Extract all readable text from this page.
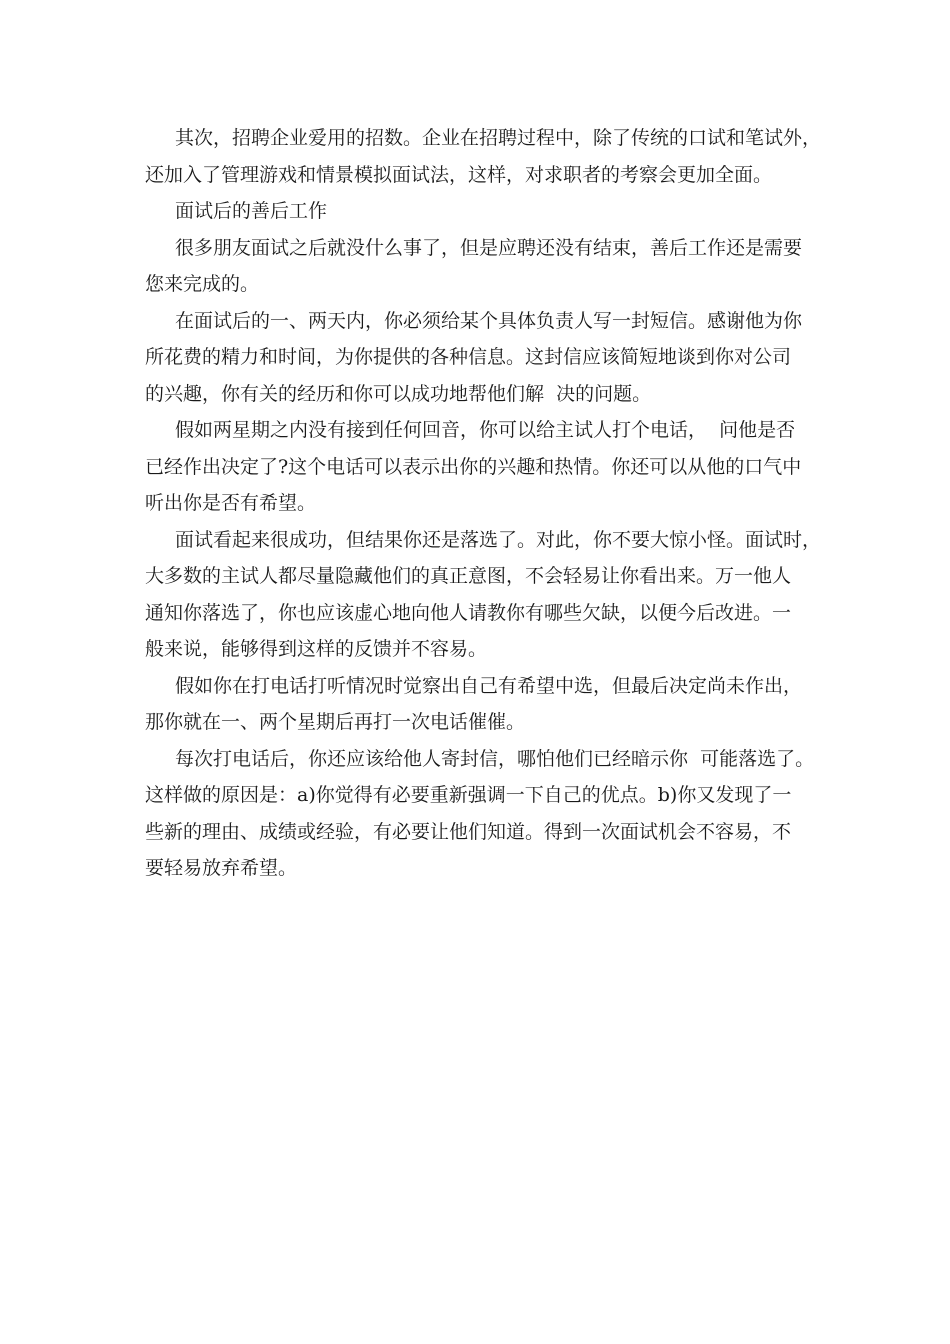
其次，招聘企业爱用的招数。企业在招聘过程中，除了传统的口试和笔试外，
还加入了管理游戏和情景模拟面试法，这样，对求职者的考察会更加全面。
面试后的善后工作
很多朋友面试之后就没什么事了，但是应聘还没有结束，善后工作还是需要
您来完成的。
在面试后的一、两天内，你必须给某个具体负责人写一封短信。感谢他为你
所花费的精力和时间，为你提供的各种信息。这封信应该简短地谈到你对公司
的兴趣，你有关的经历和你可以成功地帮他们解  决的问题。
假如两星期之内没有接到任何回音，你可以给主试人打个电话，  问他是否
已经作出决定了?这个电话可以表示出你的兴趣和热情。你还可以从他的口气中
听出你是否有希望。
面试看起来很成功，但结果你还是落选了。对此，你不要大惊小怪。面试时，
大多数的主试人都尽量隐藏他们的真正意图，不会轻易让你看出来。万一他人
通知你落选了，你也应该虚心地向他人请教你有哪些欠缺，以便今后改进。一
般来说，能够得到这样的反馈并不容易。
假如你在打电话打听情况时觉察出自己有希望中选，但最后决定尚未作出，
那你就在一、两个星期后再打一次电话催催。
每次打电话后，你还应该给他人寄封信，哪怕他们已经暗示你  可能落选了。
这样做的原因是：a)你觉得有必要重新强调一下自己的优点。b)你又发现了一
些新的理由、成绩或经验，有必要让他们知道。得到一次面试机会不容易，不
要轻易放弃希望。
